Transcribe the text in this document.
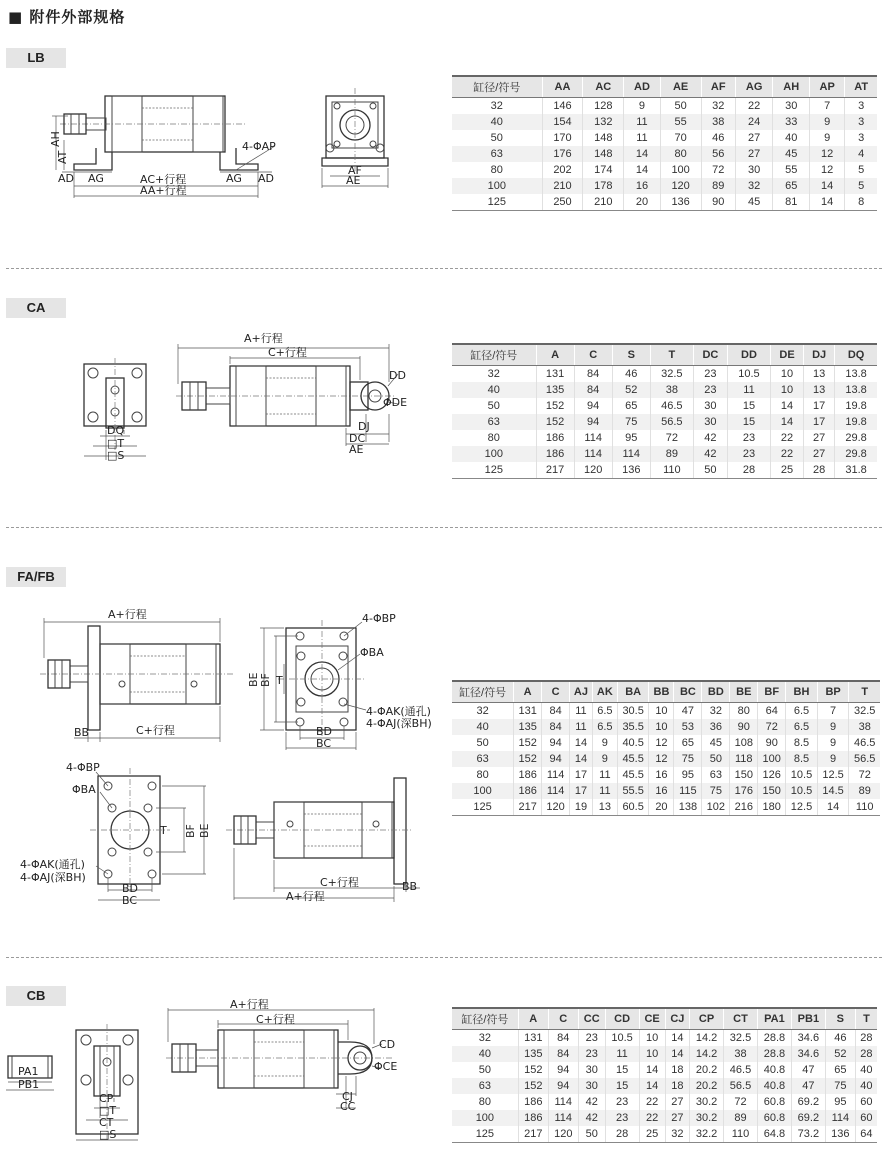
■ 附件外部规格
LB
AH
AT
AD AG	AC+行程
AA+行程
AG AD
4-ΦAP
AF
AE
缸径/符号	AA	AC	AD	AE	AF	AG	AH	AP	AT
32	146	128	9	50	32	22	30	7	3
40	154	132	11	55	38	24	33	9	3
50	170	148	11	70	46	27	40	9	3
63	176	148	14	80	56	27	45	12	4
80	202	174	14	100	72	30	55	12	5
100	210	178	16	120	89	32	65	14	5
125	250	210	20	136	90	45	81	14	8
CA
DQ
□T
□S
A+行程
C+行程
DD
ΦDE
DJ
DC
AE
缸径/符号	A	C	S	T	DC	DD	DE	DJ	DQ
32	131	84	46	32.5	23	10.5	10	13	13.8
40	135	84	52	38	23	11	10	13	13.8
50	152	94	65	46.5	30	15	14	17	19.8
63	152	94	75	56.5	30	15	14	17	19.8
80	186	114	95	72	42	23	22	27	29.8
100	186	114	114	89	42	23	22	27	29.8
125	217	120	136	110	50	28	25	28	31.8
FA/FB
A+行程
BB	C+行程
4-ΦBP
ΦBA
4-ΦAK(通孔)
4-ΦAJ(深BH)
BE BF T
BD
BC
4-ΦBP
ΦBA
4-ΦAK(通孔)
4-ΦAJ(深BH)
BF BE
T
BD
BC
C+行程
A+行程
BB
缸径/符号	A	C	AJ	AK	BA	BB	BC	BD	BE	BF	BH	BP	T
32	131	84	11	6.5	30.5	10	47	32	80	64	6.5	7	32.5
40	135	84	11	6.5	35.5	10	53	36	90	72	6.5	9	38
50	152	94	14	9	40.5	12	65	45	108	90	8.5	9	46.5
63	152	94	14	9	45.5	12	75	50	118	100	8.5	9	56.5
80	186	114	17	11	45.5	16	95	63	150	126	10.5	12.5	72
100	186	114	17	11	55.5	16	115	75	176	150	10.5	14.5	89
125	217	120	19	13	60.5	20	138	102	216	180	12.5	14	110
CB
PA1
PB1
CP
□T
CT
□S
A+行程
C+行程
CD
ΦCE
CJ
CC
缸径/符号	A	C	CC	CD	CE	CJ	CP	CT	PA1	PB1	S	T
32	131	84	23	10.5	10	14	14.2	32.5	28.8	34.6	46	28
40	135	84	23	11	10	14	14.2	38	28.8	34.6	52	28
50	152	94	30	15	14	18	20.2	46.5	40.8	47	65	40
63	152	94	30	15	14	18	20.2	56.5	40.8	47	75	40
80	186	114	42	23	22	27	30.2	72	60.8	69.2	95	60
100	186	114	42	23	22	27	30.2	89	60.8	69.2	114	60
125	217	120	50	28	25	32	32.2	110	64.8	73.2	136	64
